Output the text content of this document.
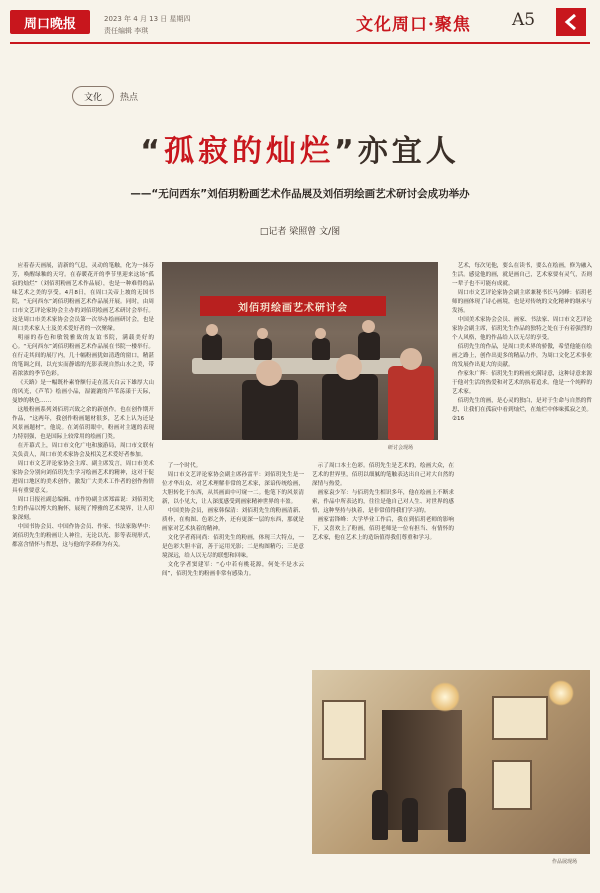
周口晚报	2023 年 4 月 13 日 星期四
责任编辑 李琪	文化周口·聚焦 A5
文化	热点
“孤寂的灿烂”亦宜人
——“无问西东”刘佰玥粉画艺术作品展及刘佰玥绘画艺术研讨会成功举办
□记者 梁照曾 文/图

应着春天画展，清新的气息，灵动的笔触，化为一抹芬芳，唤醒绿釉的天穹。在春暖花开的季节里迎来这场“孤寂的灿烂”（刘佰玥粉画艺术作品展），也是一种难得的品味艺术之美的享受。4月8日，在周口关帝上坡的无国书院，“无问西东”刘佰玥粉画艺术作品展开展。同时，由周口市文艺评论家协会主办的刘佰玥绘画艺术研讨会举行。这是周口市美术家协会会员第一次举办绘画研讨会，也是周口美术家人士及美术爱好者的一次聚缘。

明丽的春色和敏锐雅致的友谊书院，满载美好的心。“无问西东”刘佰玥粉画艺术作品展在书院一楼举行。在行走其间的展厅内，几十幅粉画犹如清透的窗口，精湛的笔调之间，以充实而静谧的光影表现自然山水之美，带着浓浓的季节色彩。

《天路》是一幅既朴素脊额行走在蓝天白云下雄厚大山的风光，《芦苇》绘画小品，湿漉漉的芦苇荡漾于天际，曼妙的秋色……

这般粉画系列刘佰玥兴致之余的新创作。也在创作期开作品，“这两年，我创作粉画题材很多，艺术上认为还是风景画题材”。他说。在刘佰玥眼中，粉画对主题的表现力特别强，也是国际上较常用的绘画门类。

在开幕式上，周口市文化广电和旅游局，周口市文联有关负责人，周口市美术家协会及相关艺术爱好者参加。

周口市文艺评论家协会主席、副主席发言，周口市美术家协会分别向刘佰玥先生学习绘画艺术的精神，这对于促进周口地区的美术创作，激发广大美术工作者的创作热情具有重要意义。

周口日报社副总编辑、市作协副主席郑霖说：刘佰玥先生的作品以博大的胸怀，展现了博雅的艺术境界，让人印象深刻。

中国书协会员、中国作协会员、作家、书法家陈华中：刘佰玥先生的粉画让人神往，无论以光、影等表现形式，都富含情怀与哲思，这与他的学养修为有关。

刘佰玥绘画艺术研讨会
研讨会现场

了一个时代。

周口市文艺评论家协会副主席孙雷平：刘佰玥先生是一位才华出众、对艺术理解非常的艺术家，深谙传统绘画，大胆转化于东西，从其画面中可窥一二。他笔下的风景清新，以小见大，让人深度感受到画家精神世界的丰盈。

中国美协会员，画家韩保清：刘佰玥先生的粉画清新、质朴，在构图、色彩之外，还有更深一层的东西，那就是画家对艺术执着的精神。

文化学者蒋同尚：佰玥先生的粉画，体现三大特点，一是色彩大胆丰富，善于运用光影；二是构图精巧；三是意境深远，给人以无尽的联想和回味。

文化学者窦建军：“心中若有桃花源，何处不是水云间”，佰玥先生的粉画非常有感染力。

示了周口本土色彩。佰玥先生是艺术的，绘画大众，在艺术的世界里，佰玥以细腻的笔触表达出自己对大自然的深情与热爱。

画家袁少军：与佰玥先生相识多年，他在绘画上不断求索，作品中所表达的，往往是他自己对人生、对世界的感悟，这种坚持与执着，是非常值得我们学习的。

画家雷锋峰：大学毕业工作后，我在到佰玥老师的影响下，又喜欢上了粉画，佰玥老师是一位有担当、有情怀的艺术家，他在艺术上的造诣值得我们尊重和学习。

艺术，每次见他，要么在读书，要么在绘画，修为融入生活。感觉他的画，就是画自己，艺术家要有灵气，否则一辈子也不可能有成就。

周口市文艺评论家协会副主席兼秘书长马剑峰：佰玥老师的画体现了诗心画境，也是对传统的文化精神的继承与发扬。

中国美术家协会会员、画家、书法家、周口市文艺评论家协会副主席，佰玥先生作品的独特之处在于有着强烈的个人风格，他的作品给人以无尽的享受。

佰玥先生的作品，是周口美术界的骄傲，希望他能在绘画之路上，创作出更多的精品力作，为周口文化艺术事业的发展作出更大的贡献。

作家朱广辉：佰玥先生的粉画充满诗意，这种诗意来源于他对生活的热爱和对艺术的执着追求。他是一个纯粹的艺术家。

佰玥先生的画，是心灵的独白，是对于生命与自然的哲思，让我们在孤寂中看到灿烂，在灿烂中体味孤寂之美。②16

作品展现场
